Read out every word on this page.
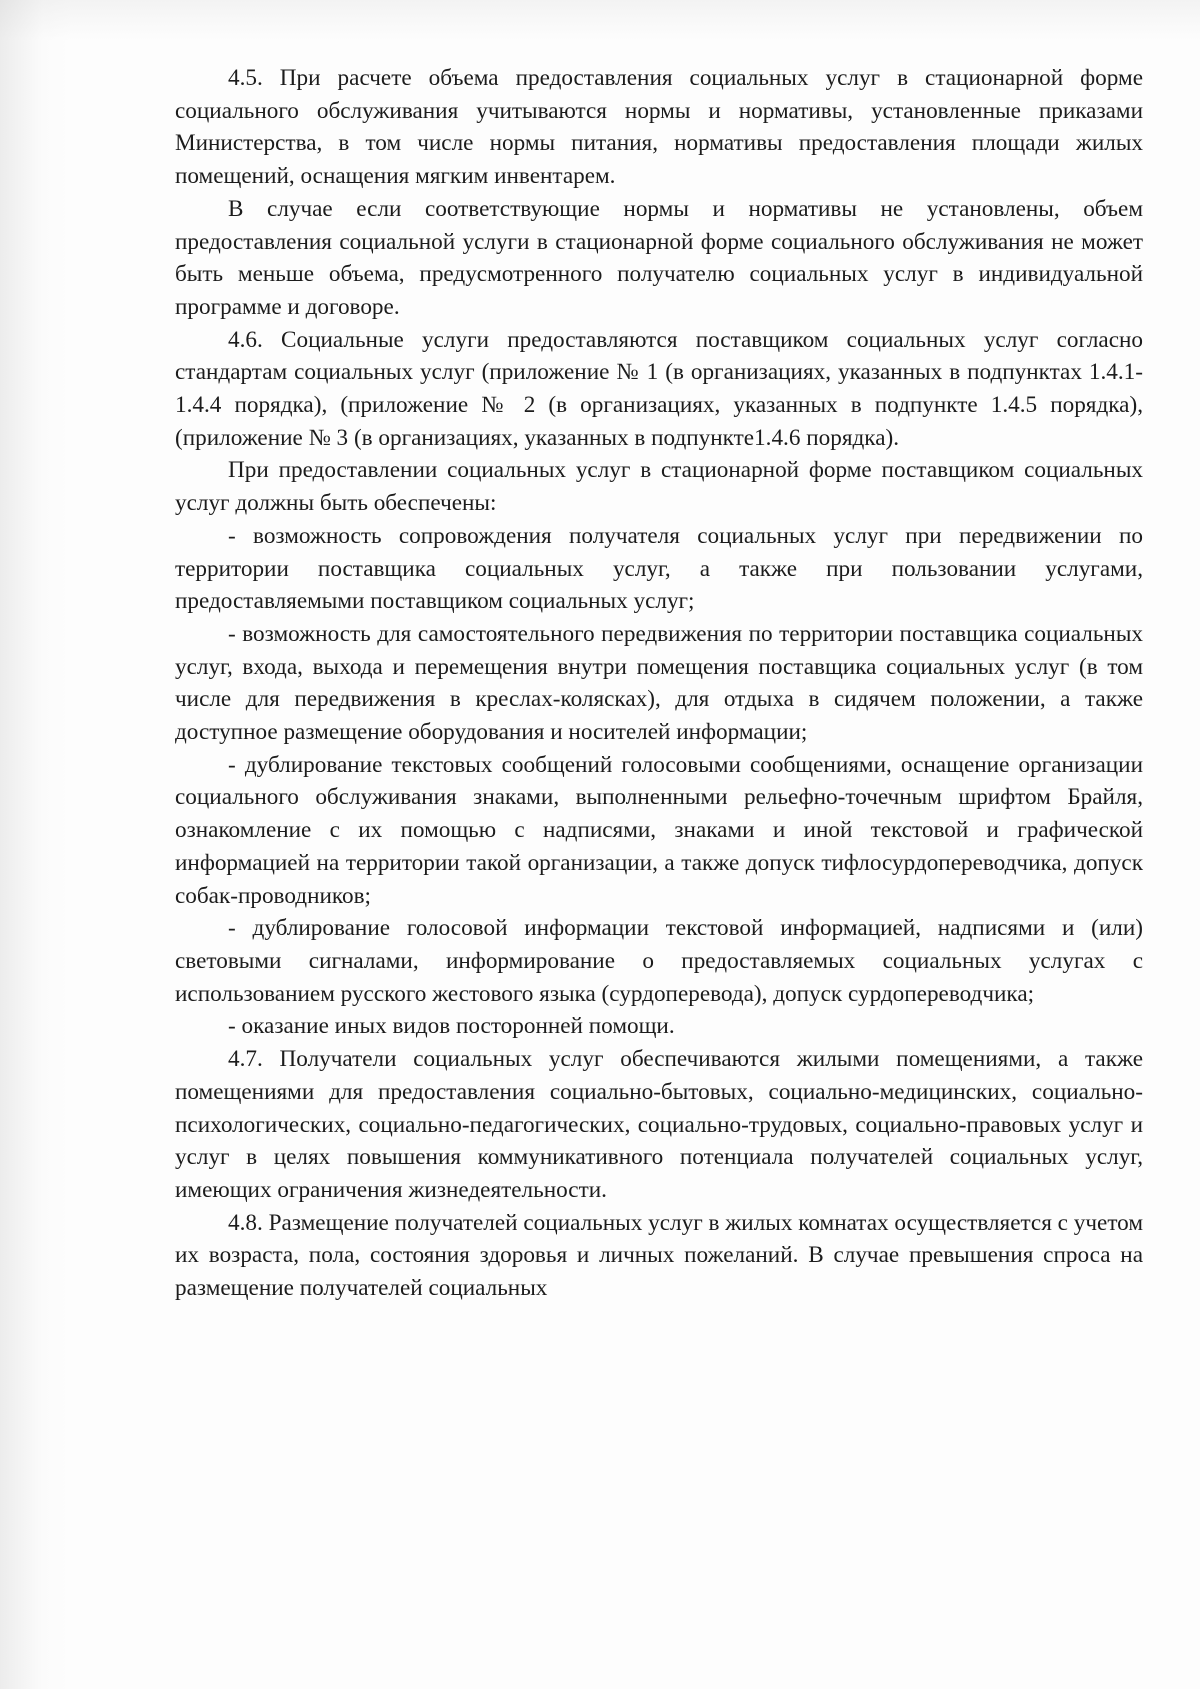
4.5. При расчете объема предоставления социальных услуг в стационарной форме социального обслуживания учитываются нормы и нормативы, установленные приказами Министерства, в том числе нормы питания, нормативы предоставления площади жилых помещений, оснащения мягким инвентарем.

В случае если соответствующие нормы и нормативы не установлены, объем предоставления социальной услуги в стационарной форме социального обслуживания не может быть меньше объема, предусмотренного получателю социальных услуг в индивидуальной программе и договоре.

4.6. Социальные услуги предоставляются поставщиком социальных услуг согласно стандартам социальных услуг (приложение № 1 (в организациях, указанных в подпунктах 1.4.1-1.4.4 порядка), (приложение № 2 (в организациях, указанных в подпункте 1.4.5 порядка), (приложение № 3 (в организациях, указанных в подпункте1.4.6 порядка).

При предоставлении социальных услуг в стационарной форме поставщиком социальных услуг должны быть обеспечены:

- возможность сопровождения получателя социальных услуг при передвижении по территории поставщика социальных услуг, а также при пользовании услугами, предоставляемыми поставщиком социальных услуг;

- возможность для самостоятельного передвижения по территории поставщика социальных услуг, входа, выхода и перемещения внутри помещения поставщика социальных услуг (в том числе для передвижения в креслах-колясках), для отдыха в сидячем положении, а также доступное размещение оборудования и носителей информации;

- дублирование текстовых сообщений голосовыми сообщениями, оснащение организации социального обслуживания знаками, выполненными рельефно-точечным шрифтом Брайля, ознакомление с их помощью с надписями, знаками и иной текстовой и графической информацией на территории такой организации, а также допуск тифлосурдопереводчика, допуск собак-проводников;

- дублирование голосовой информации текстовой информацией, надписями и (или) световыми сигналами, информирование о предоставляемых социальных услугах с использованием русского жестового языка (сурдоперевода), допуск сурдопереводчика;

- оказание иных видов посторонней помощи.

4.7. Получатели социальных услуг обеспечиваются жилыми помещениями, а также помещениями для предоставления социально-бытовых, социально-медицинских, социально-психологических, социально-педагогических, социально-трудовых, социально-правовых услуг и услуг в целях повышения коммуникативного потенциала получателей социальных услуг, имеющих ограничения жизнедеятельности.

4.8. Размещение получателей социальных услуг в жилых комнатах осуществляется с учетом их возраста, пола, состояния здоровья и личных пожеланий. В случае превышения спроса на размещение получателей социальных
